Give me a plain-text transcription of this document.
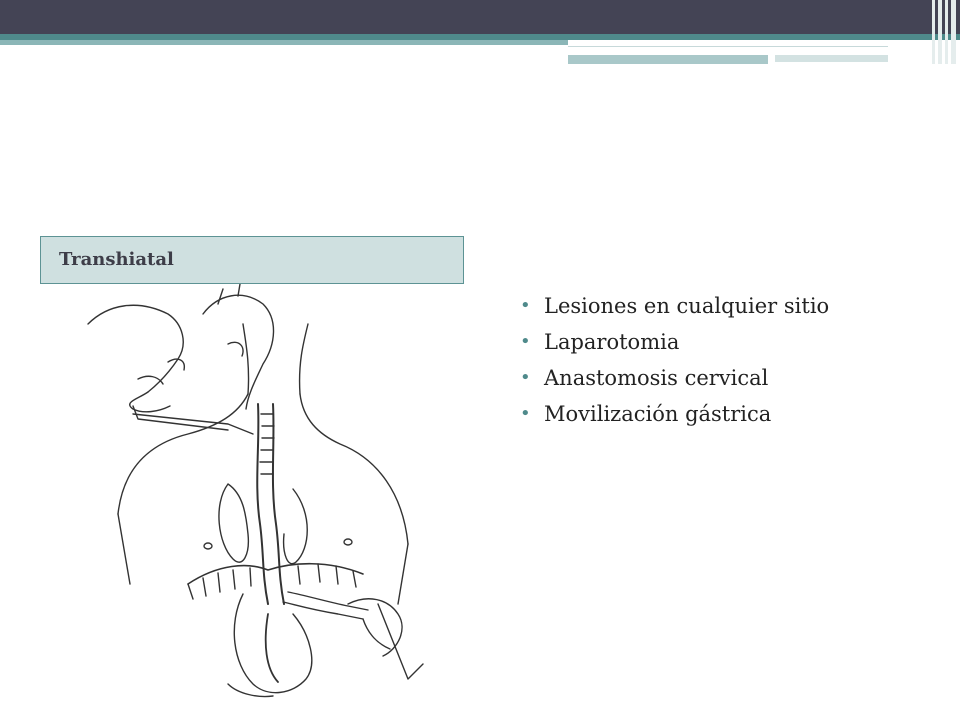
Transhiatal
• Lesiones en cualquier sitio
• Laparotomia
• Anastomosis cervical
• Movilización gástrica
